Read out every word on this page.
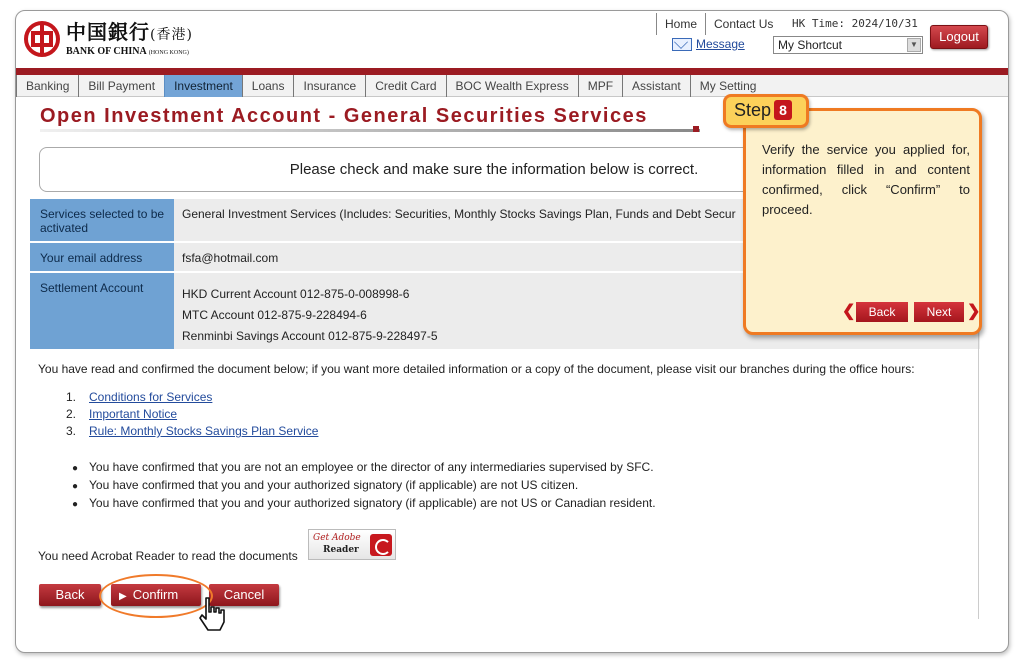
中国銀行(香港)
BANK OF CHINA (HONG KONG)
Home	Contact Us	HK Time: 2024/10/31
Message	My Shortcut	▼
Logout
Banking	Bill Payment	Investment	Loans	Insurance	Credit Card	BOC Wealth Express	MPF	Assistant	My Setting
Open Investment Account - General Securities Services
Please check and make sure the information below is correct.
Services selected to be activated	General Investment Services (Includes: Securities, Monthly Stocks Savings Plan, Funds and Debt Secur
Your email address	fsfa@hotmail.com
Settlement Account	HKD Current Account 012-875-0-008998-6
MTC Account 012-875-9-228494-6
Renminbi Savings Account 012-875-9-228497-5
You have read and confirmed the document below; if you want more detailed information or a copy of the document, please visit our branches during the office hours:
1. Conditions for Services
2. Important Notice
3. Rule: Monthly Stocks Savings Plan Service
● You have confirmed that you are not an employee or the director of any intermediaries supervised by SFC.
● You have confirmed that you and your authorized signatory (if applicable) are not US citizen.
● You have confirmed that you and your authorized signatory (if applicable) are not US or Canadian resident.
You need Acrobat Reader to read the documents
Get Adobe
Reader
Back	▶ Confirm	Cancel
Verify the service you applied for, information filled in and content confirmed, click “Confirm” to proceed.
❮	Back	Next ❯
Step 8
